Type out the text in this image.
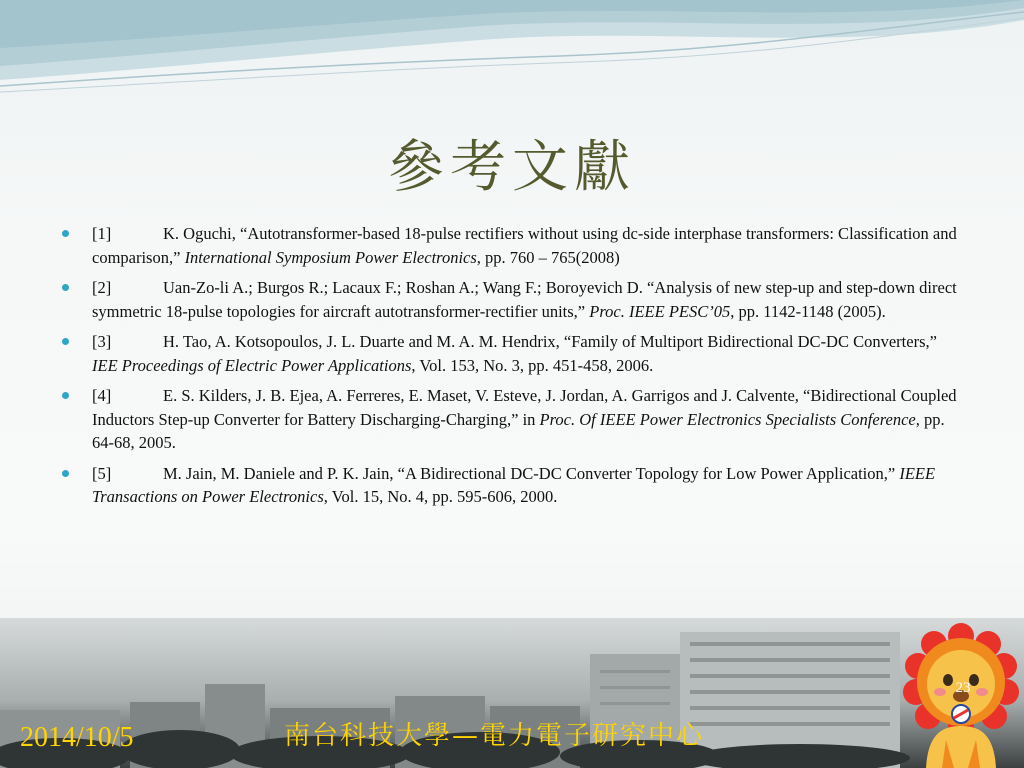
參考文獻
[1]	K. Oguchi, “Autotransformer-based 18-pulse rectifiers without using dc-side interphase transformers: Classification and comparison,” International Symposium Power Electronics, pp. 760 – 765(2008)
[2]	Uan-Zo-li A.; Burgos R.; Lacaux F.; Roshan A.; Wang F.; Boroyevich D. “Analysis of new step-up and step-down direct symmetric 18-pulse topologies for aircraft autotransformer-rectifier units,” Proc. IEEE PESC’05, pp. 1142-1148 (2005).
[3]	H. Tao, A. Kotsopoulos, J. L. Duarte and M. A. M. Hendrix, “Family of Multiport Bidirectional DC-DC Converters,” IEE Proceedings of Electric Power Applications, Vol. 153, No. 3, pp. 451-458, 2006.
[4]	E. S. Kilders, J. B. Ejea, A. Ferreres, E. Maset, V. Esteve, J. Jordan, A. Garrigos and J. Calvente, “Bidirectional Coupled Inductors Step-up Converter for Battery Discharging-Charging,” in Proc. Of IEEE Power Electronics Specialists Conference, pp. 64-68, 2005.
[5]	M. Jain, M. Daniele and P. K. Jain, “A Bidirectional DC-DC Converter Topology for Low Power Application,” IEEE Transactions on Power Electronics, Vol. 15, No. 4, pp. 595-606, 2000.
2014/10/5	南台科技大學—電力電子研究中心
23
